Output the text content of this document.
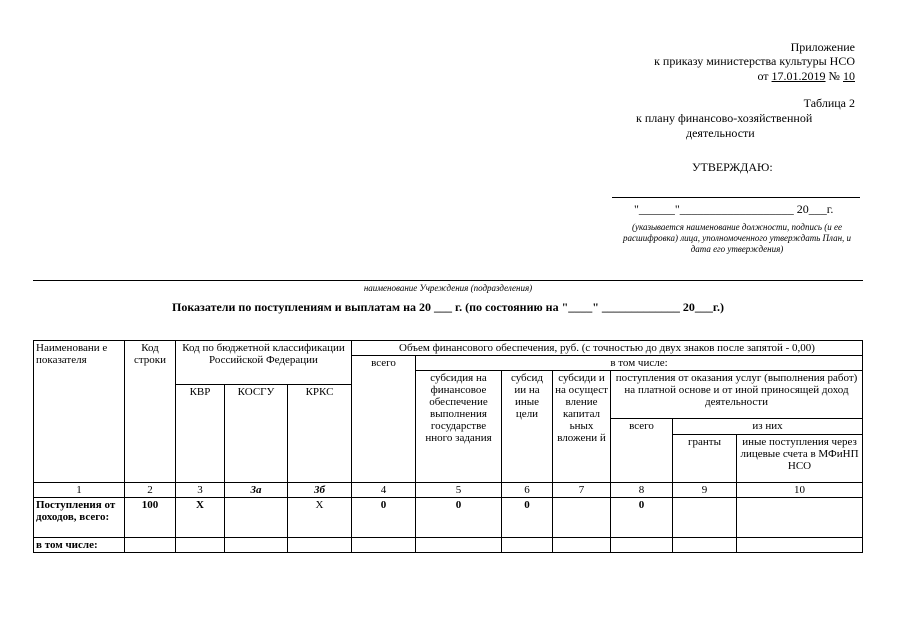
Приложение
к приказу министерства культуры НСО
от 17.01.2019 № 10
Таблица 2
к плану финансово-хозяйственной
деятельности
УТВЕРЖДАЮ:
"______"___________________ 20___г.
(указывается наименование должности, подпись (и ее расшифровка) лица, уполномоченного утверждать План, и дата его утверждения)
наименование Учреждения (подразделения)
Показатели по поступлениям и выплатам на 20 ___ г. (по состоянию на "____" _____________ 20___г.)
Наименовани е показателя	Код строки	Код по бюджетной классификации Российской Федерации			Объем финансового обеспечения, руб. (с точностью до двух знаков после запятой - 0,00)						
					всего	в том числе:					
						субсидия на финансовое обеспечение выполнения государстве нного задания	субсид ии на иные цели	субсиди и на осущест вление капитал ьных вложени й	поступления от оказания услуг (выполнения работ) на платной основе и от иной приносящей доход деятельности		
		КВР	КОСГУ	КРКС							
									всего	из них	
										гранты	иные поступления через лицевые счета в МФиНП НСО
1	2	3	3а	3б	4	5	6	7	8	9	10
Поступления от доходов, всего:	100	X		X	0	0	0		0		
в том числе:											
